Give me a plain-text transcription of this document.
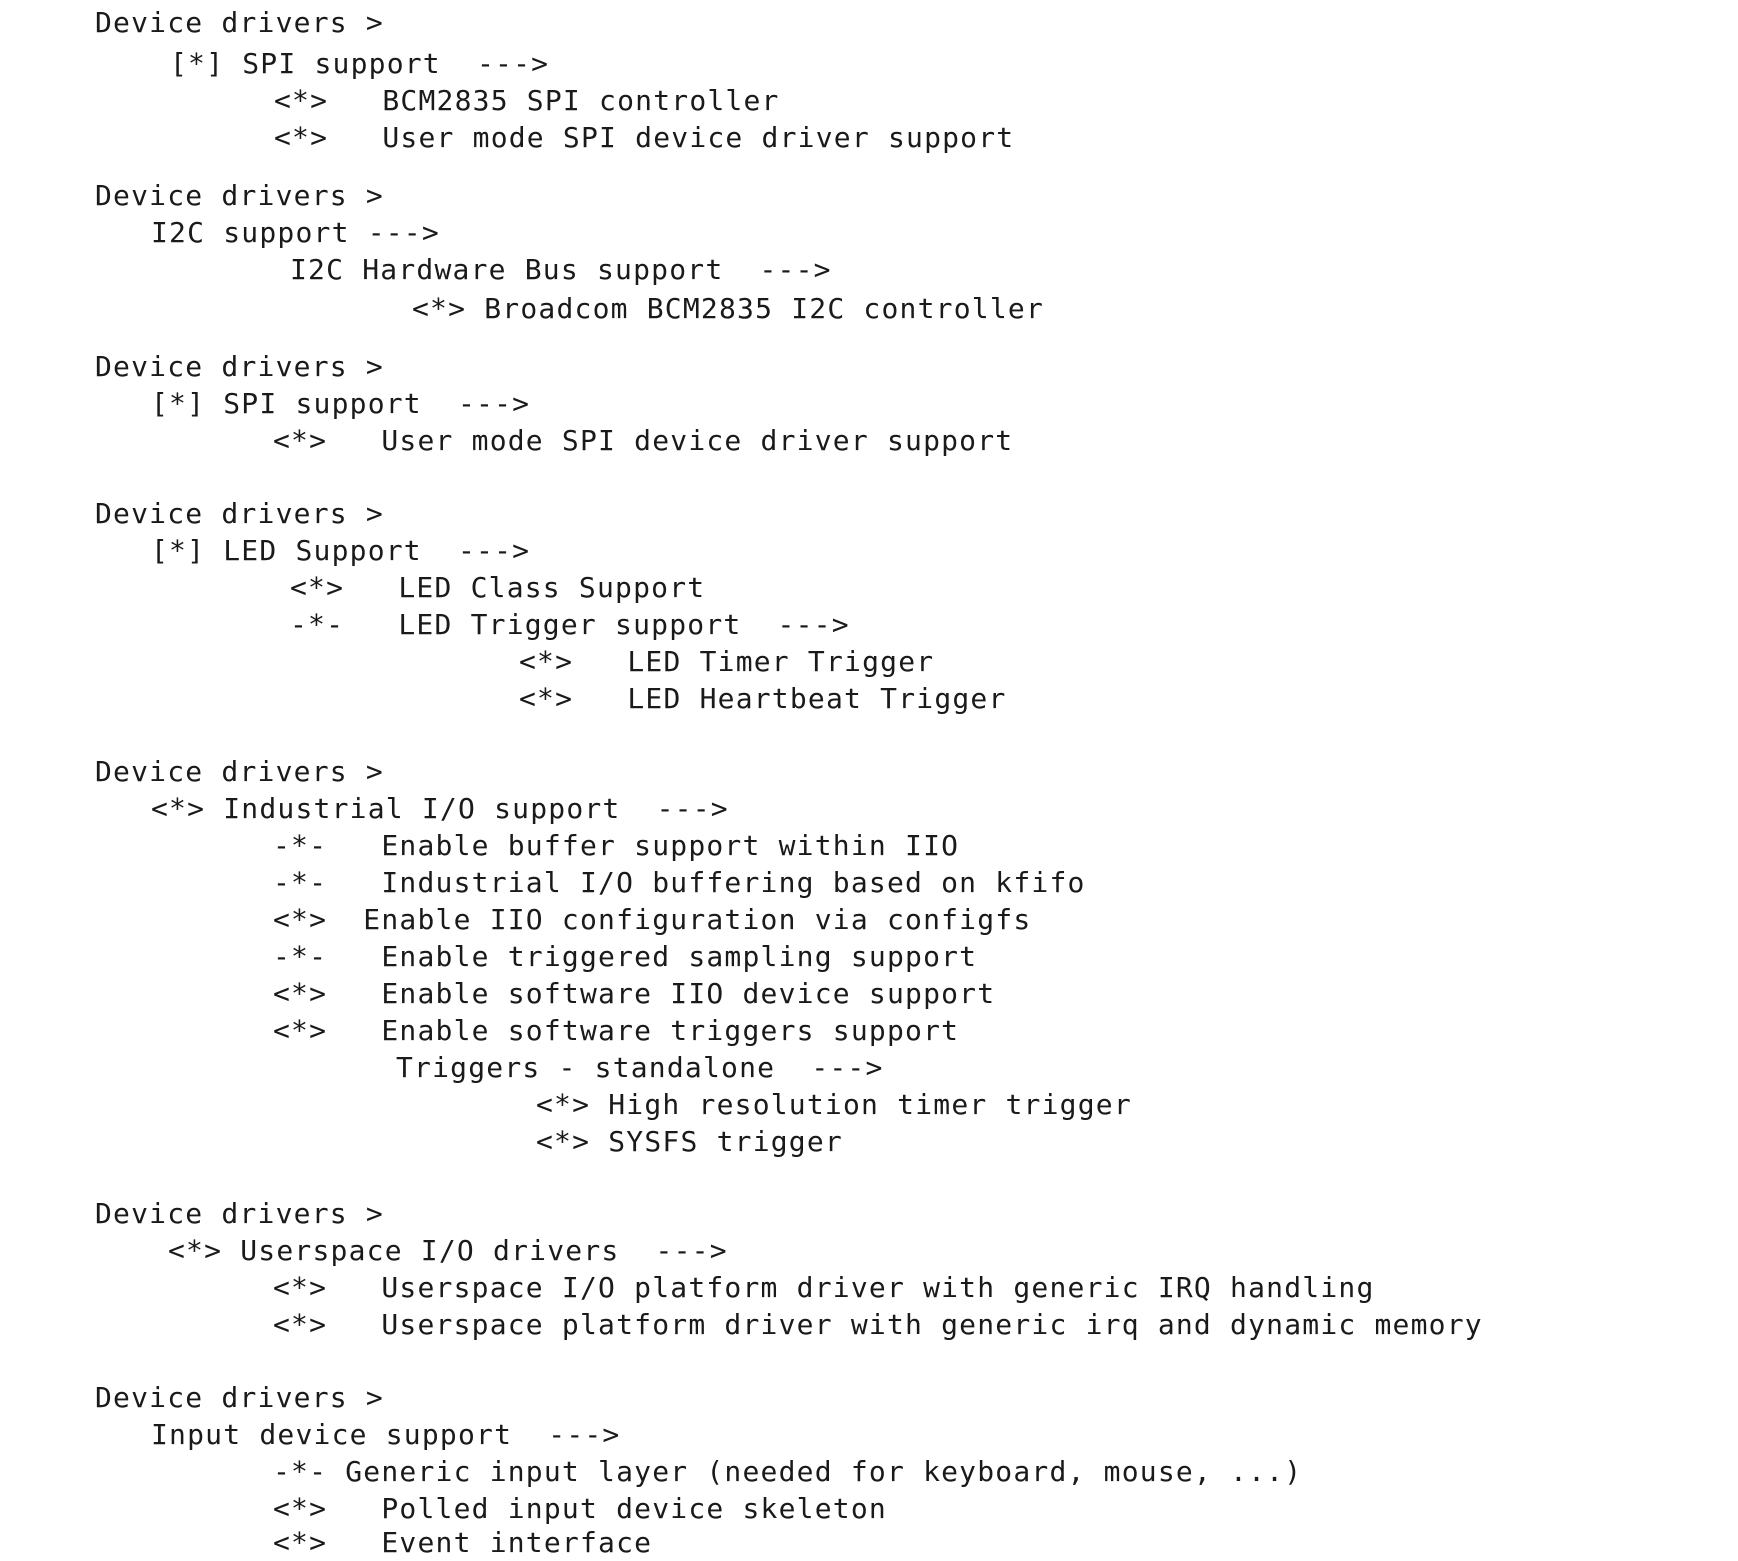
Device drivers >
[*] SPI support  --->
<*>   BCM2835 SPI controller
<*>   User mode SPI device driver support
Device drivers >
I2C support --->
I2C Hardware Bus support  --->
<*> Broadcom BCM2835 I2C controller
Device drivers >
[*] SPI support  --->
<*>   User mode SPI device driver support
Device drivers >
[*] LED Support  --->
<*>   LED Class Support
-*-   LED Trigger support  --->
<*>   LED Timer Trigger
<*>   LED Heartbeat Trigger
Device drivers >
<*> Industrial I/O support  --->
-*-   Enable buffer support within IIO
-*-   Industrial I/O buffering based on kfifo
<*>  Enable IIO configuration via configfs
-*-   Enable triggered sampling support
<*>   Enable software IIO device support
<*>   Enable software triggers support
Triggers - standalone  --->
<*> High resolution timer trigger
<*> SYSFS trigger
Device drivers >
<*> Userspace I/O drivers  --->
<*>   Userspace I/O platform driver with generic IRQ handling
<*>   Userspace platform driver with generic irq and dynamic memory
Device drivers >
Input device support  --->
-*- Generic input layer (needed for keyboard, mouse, ...)
<*>   Polled input device skeleton
<*>   Event interface
